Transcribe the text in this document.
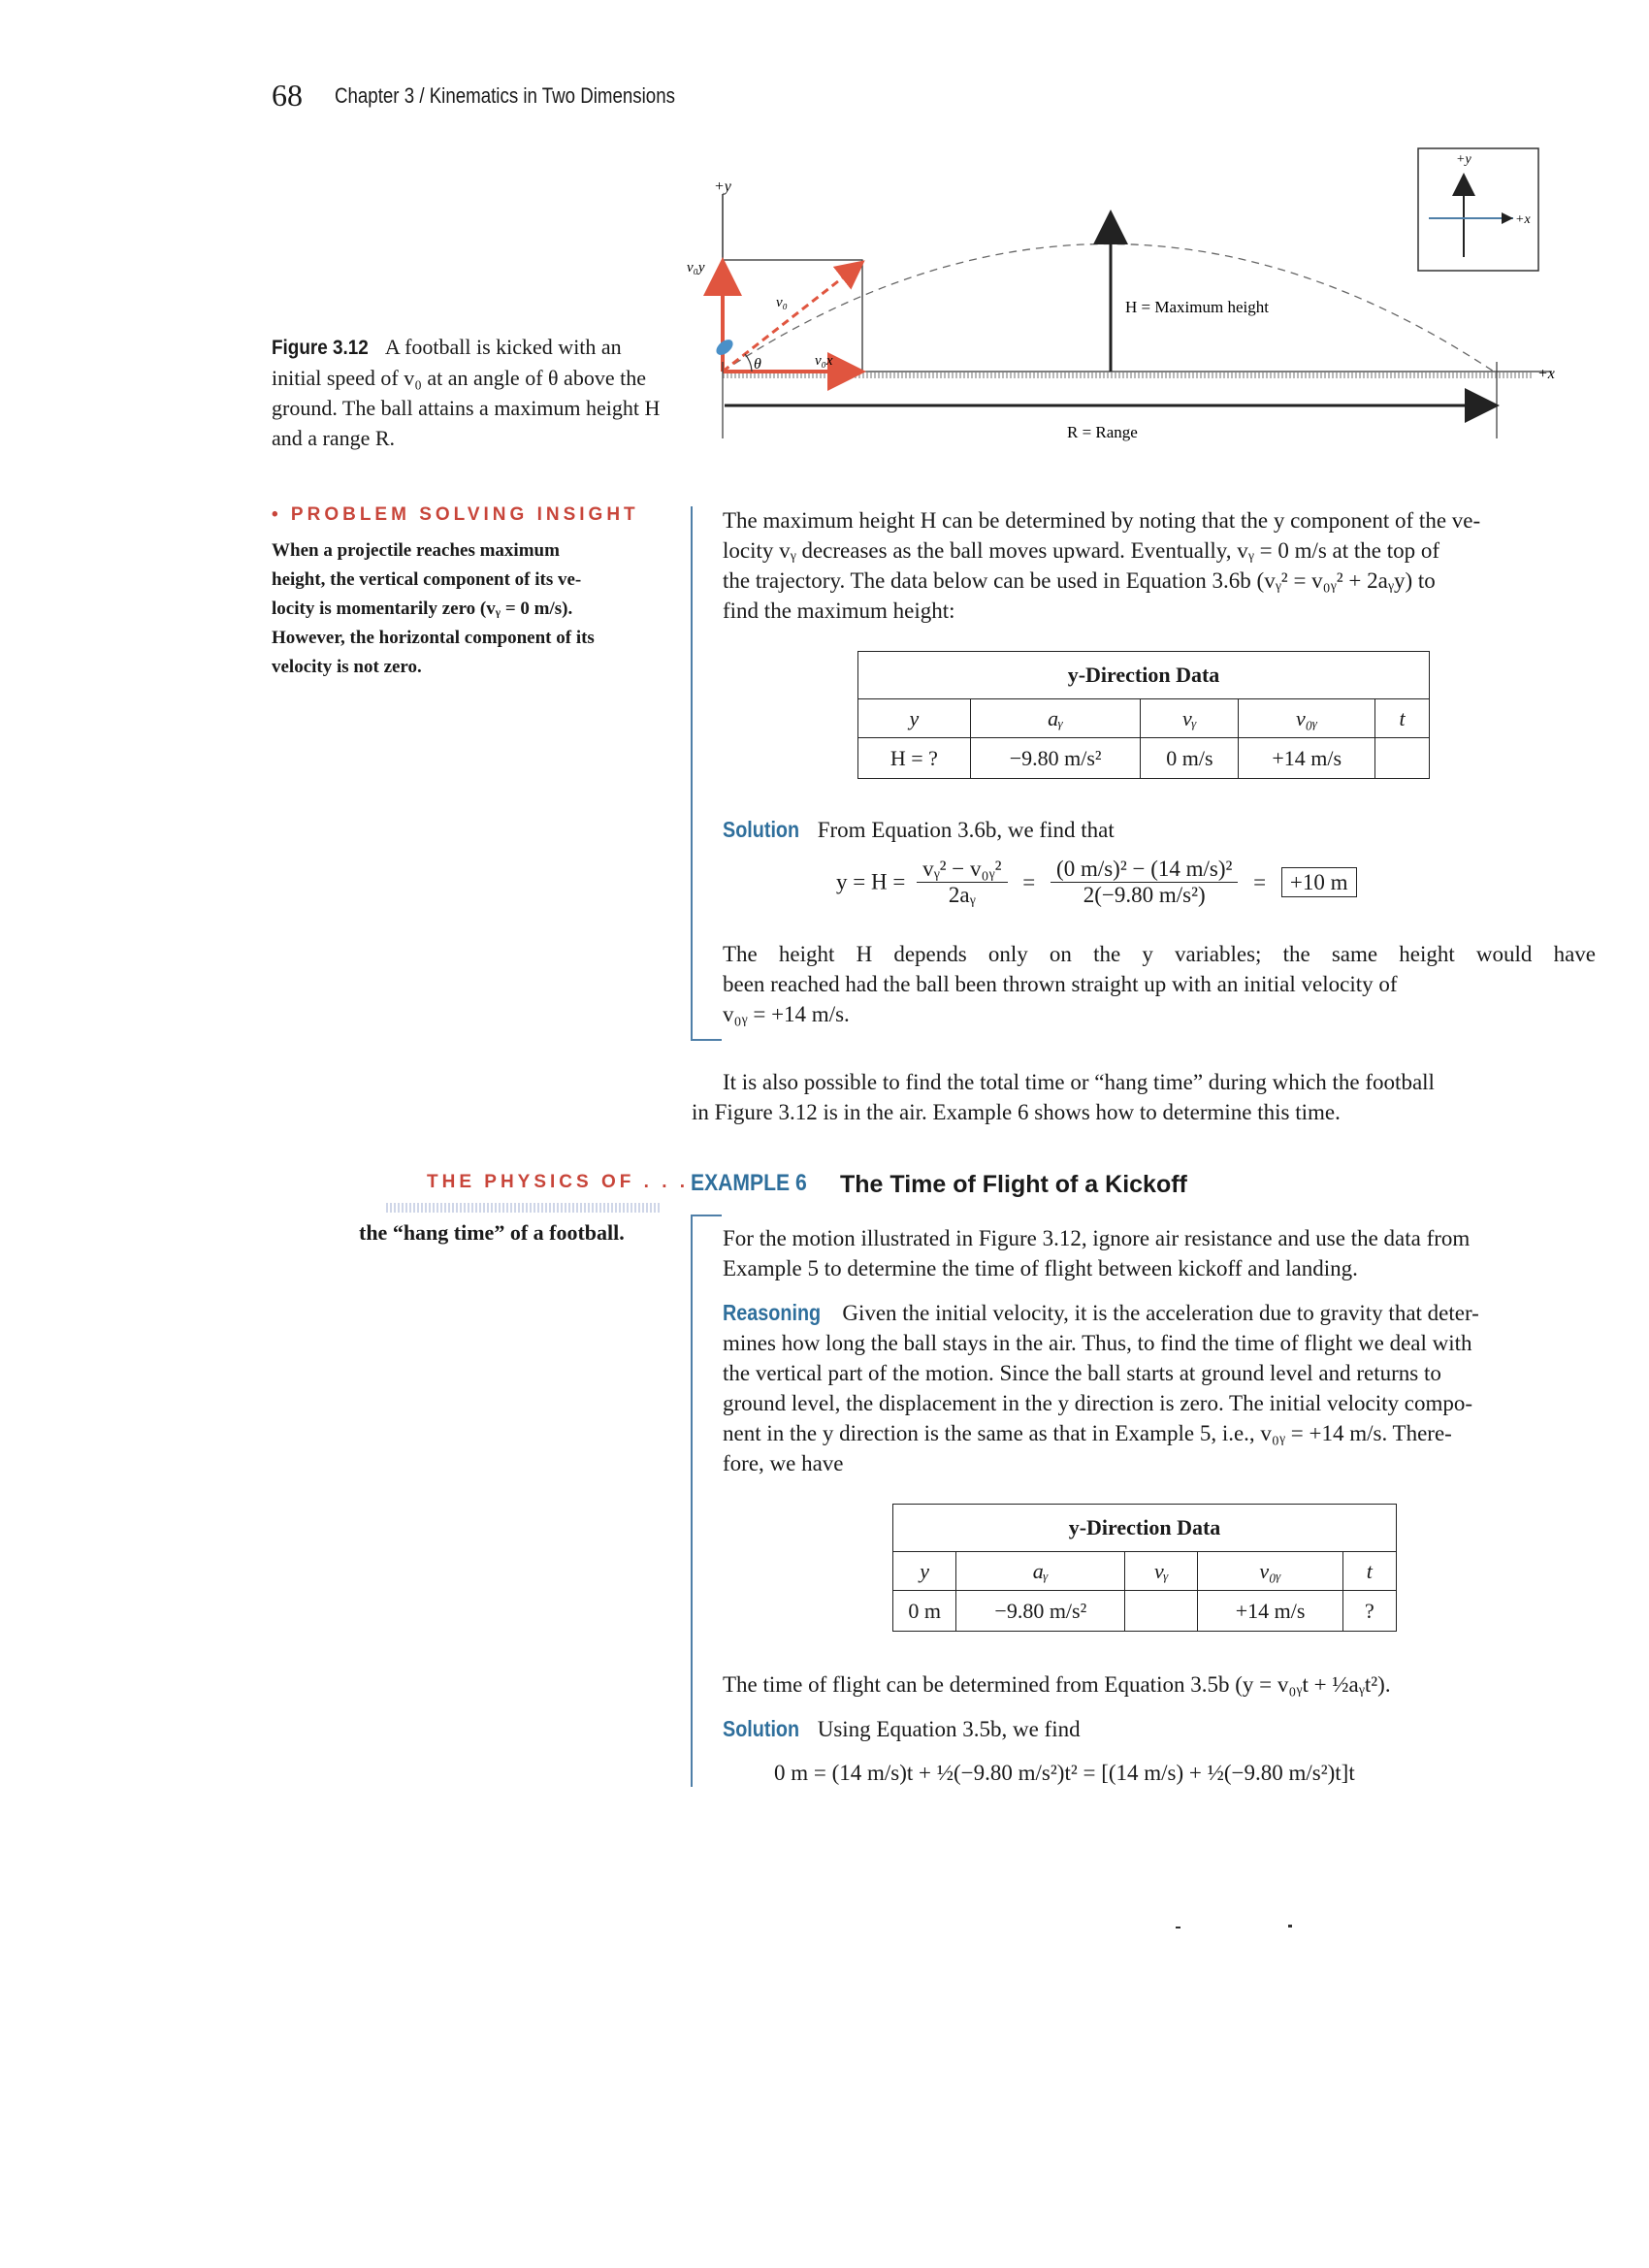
68 Chapter 3 / Kinematics in Two Dimensions
Figure 3.12 A football is kicked with an initial speed of v₀ at an angle of θ above the ground. The ball attains a maximum height H and a range R.
+y
+x
θ
v₀y
v₀
v₀x
H = Maximum height
R = Range
+y
+x
• PROBLEM SOLVING INSIGHT
When a projectile reaches maximum
height, the vertical component of its ve-
locity is momentarily zero (vᵧ = 0 m/s).
However, the horizontal component of its
velocity is not zero.
The maximum height H can be determined by noting that the y component of the ve-
locity vᵧ decreases as the ball moves upward. Eventually, vᵧ = 0 m/s at the top of
the trajectory. The data below can be used in Equation 3.6b (vᵧ² = v₀ᵧ² + 2aᵧy) to
find the maximum height:
y-Direction Data				
y	aᵧ	vᵧ	v₀ᵧ	t
H = ?	−9.80 m/s²	0 m/s	+14 m/s	
Solution From Equation 3.6b, we find that
$y = H = \frac{\text{vᵧ² − v₀ᵧ²}}{\text{2aᵧ}} = \frac{\text{(0 m/s)² − (14 m/s)²}}{\text{2(−9.80 m/s²)}} = +10$ m
The height H depends only on the y variables; the same height would have
been reached had the ball been thrown straight up with an initial velocity of
v₀ᵧ = +14 m/s.
It is also possible to find the total time or “hang time” during which the football
in Figure 3.12 is in the air. Example 6 shows how to determine this time.
THE PHYSICS OF . . .
the “hang time” of a football.
EXAMPLE 6 The Time of Flight of a Kickoff
For the motion illustrated in Figure 3.12, ignore air resistance and use the data from
Example 5 to determine the time of flight between kickoff and landing.
Reasoning Given the initial velocity, it is the acceleration due to gravity that deter-
mines how long the ball stays in the air. Thus, to find the time of flight we deal with
the vertical part of the motion. Since the ball starts at ground level and returns to
ground level, the displacement in the y direction is zero. The initial velocity compo-
nent in the y direction is the same as that in Example 5, i.e., v₀ᵧ = +14 m/s. There-
fore, we have
y-Direction Data				
y	aᵧ	vᵧ	v₀ᵧ	t
0 m	−9.80 m/s²		+14 m/s	?
The time of flight can be determined from Equation 3.5b (y = v₀ᵧt + ½aᵧt²).
Solution Using Equation 3.5b, we find
0 m = (14 m/s)t + ½(−9.80 m/s²)t² = [(14 m/s) + ½(−9.80 m/s²)t]t
